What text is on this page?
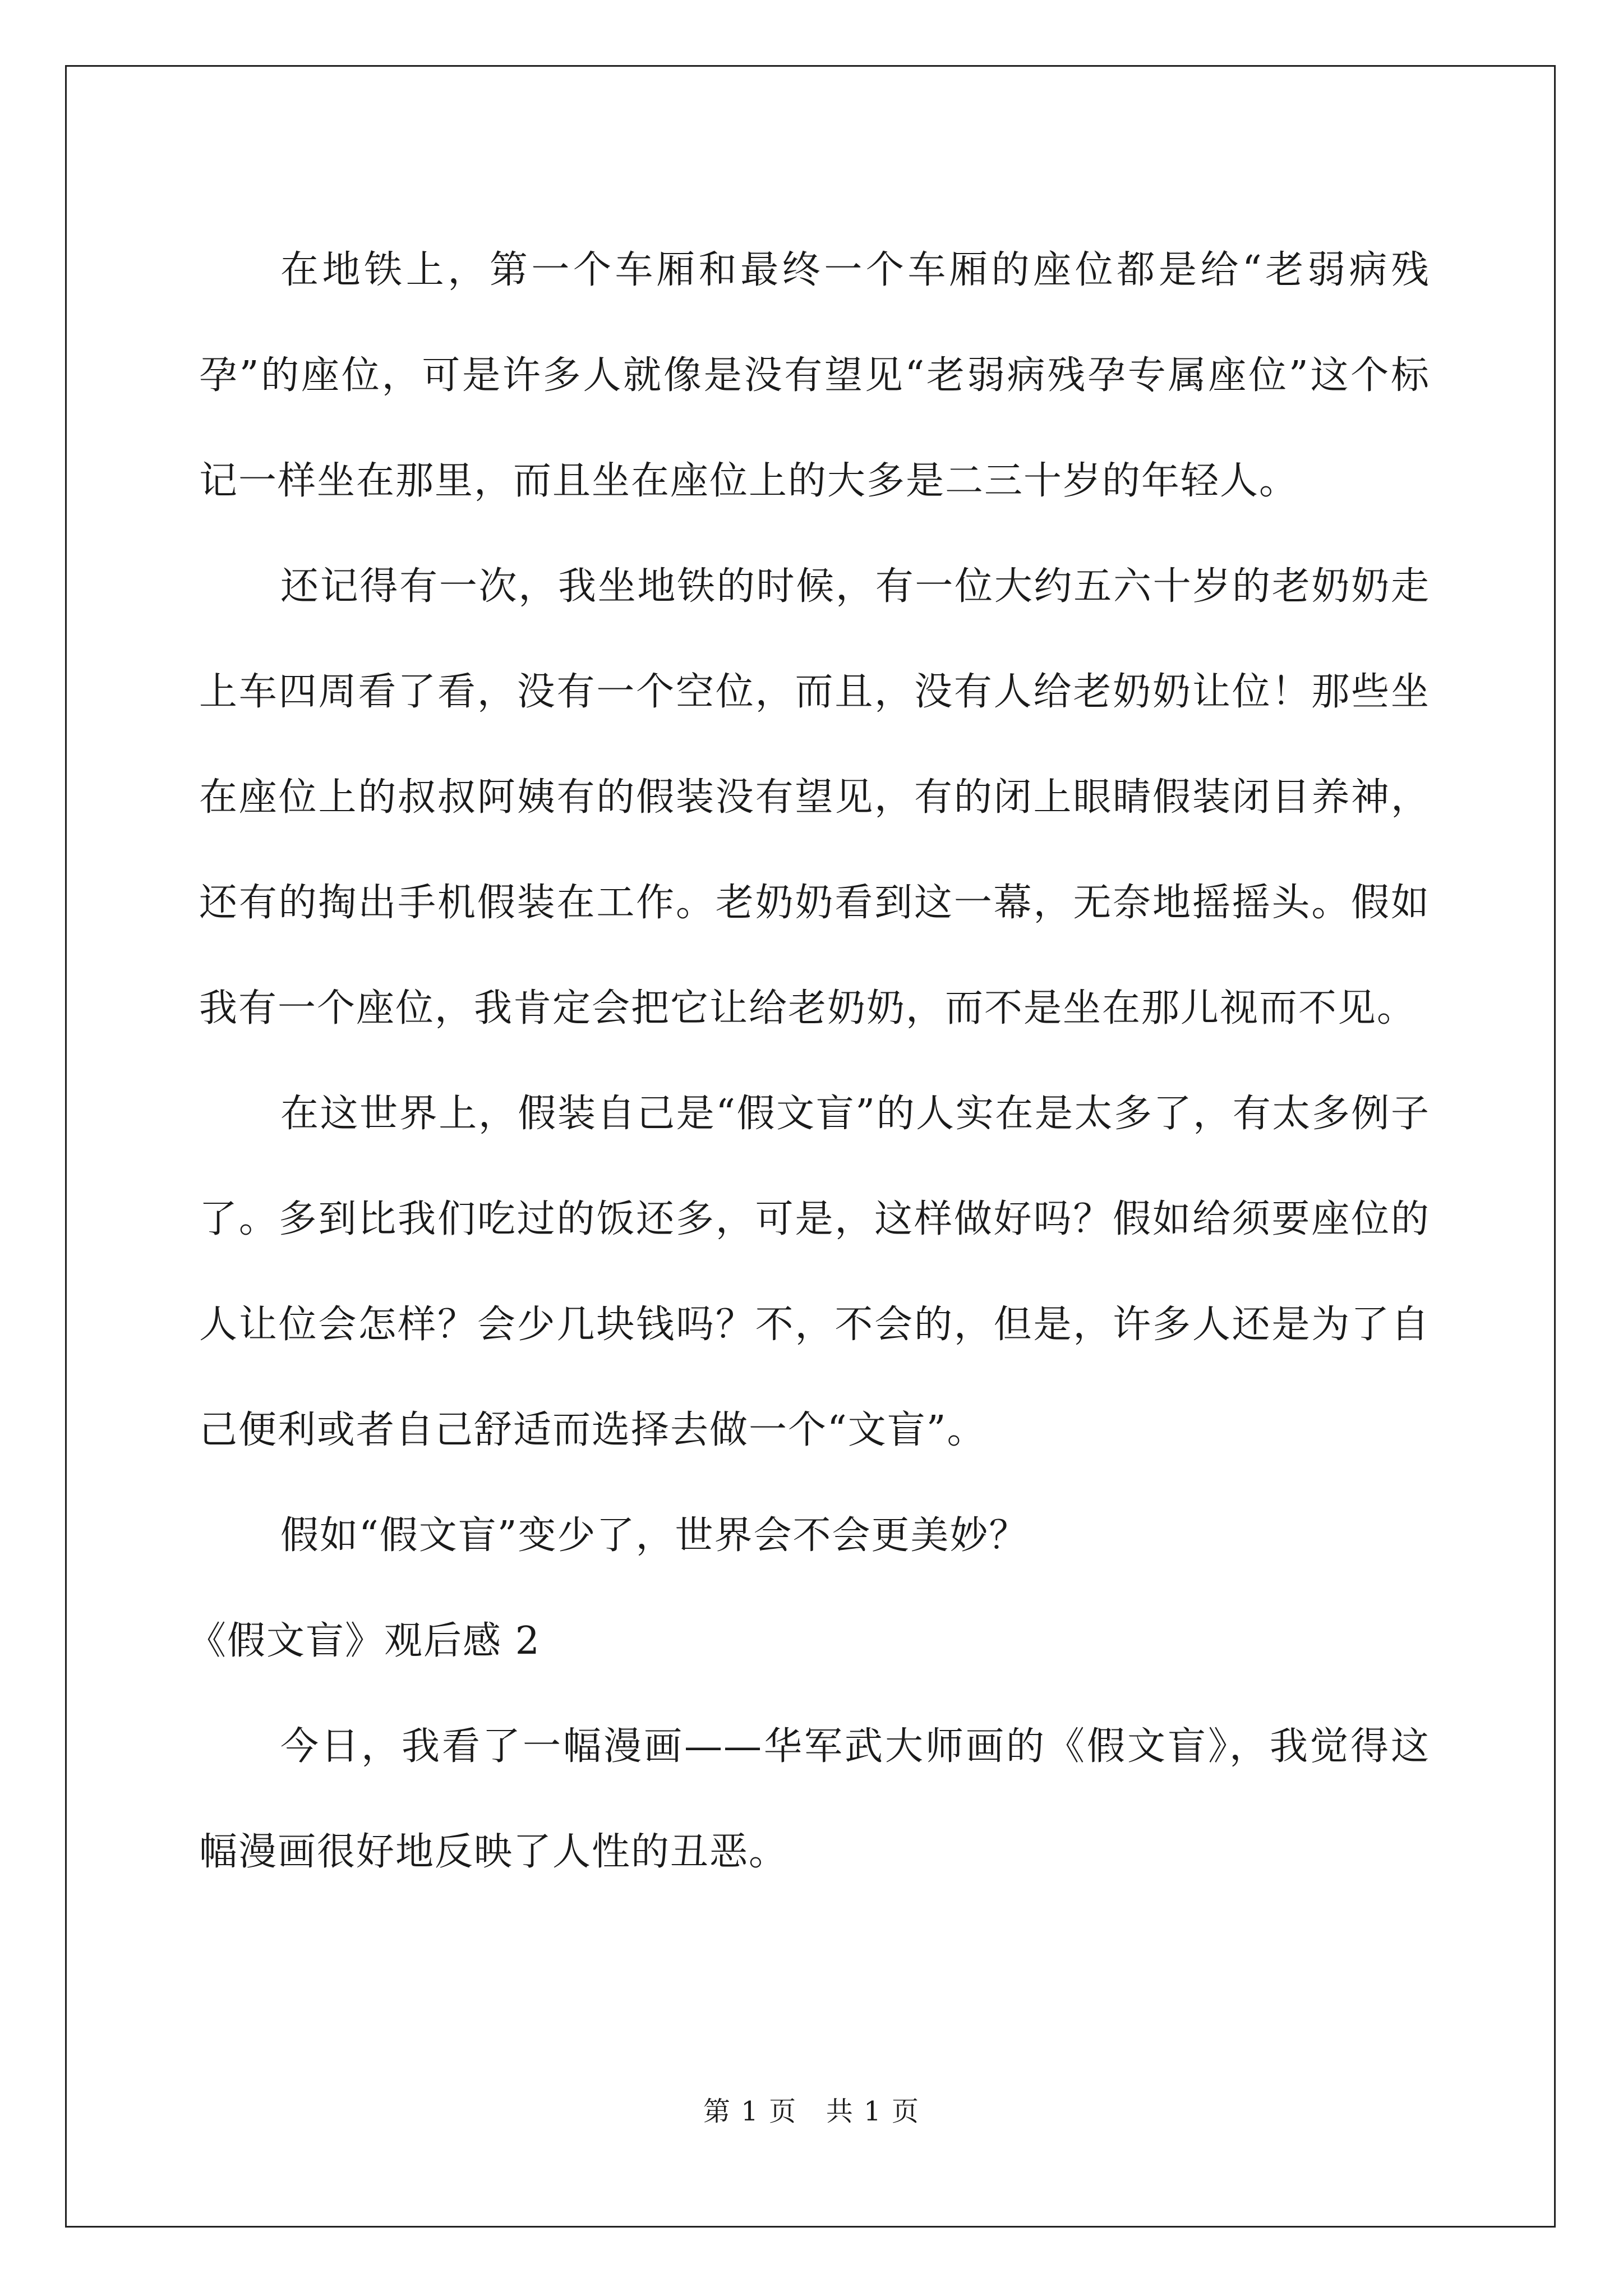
在地铁上，第一个车厢和最终一个车厢的座位都是给“老弱病残孕”的座位，可是许多人就像是没有望见“老弱病残孕专属座位”这个标记一样坐在那里，而且坐在座位上的大多是二三十岁的年轻人。

还记得有一次，我坐地铁的时候，有一位大约五六十岁的老奶奶走上车四周看了看，没有一个空位，而且，没有人给老奶奶让位！那些坐在座位上的叔叔阿姨有的假装没有望见，有的闭上眼睛假装闭目养神，还有的掏出手机假装在工作。老奶奶看到这一幕，无奈地摇摇头。假如我有一个座位，我肯定会把它让给老奶奶，而不是坐在那儿视而不见。

在这世界上，假装自己是“假文盲”的人实在是太多了，有太多例子了。多到比我们吃过的饭还多，可是，这样做好吗？假如给须要座位的人让位会怎样？会少几块钱吗？不，不会的，但是，许多人还是为了自己便利或者自己舒适而选择去做一个“文盲”。

假如“假文盲”变少了，世界会不会更美妙？

《假文盲》观后感 2

今日，我看了一幅漫画——华军武大师画的《假文盲》，我觉得这幅漫画很好地反映了人性的丑恶。

第 1 页 共 1 页
